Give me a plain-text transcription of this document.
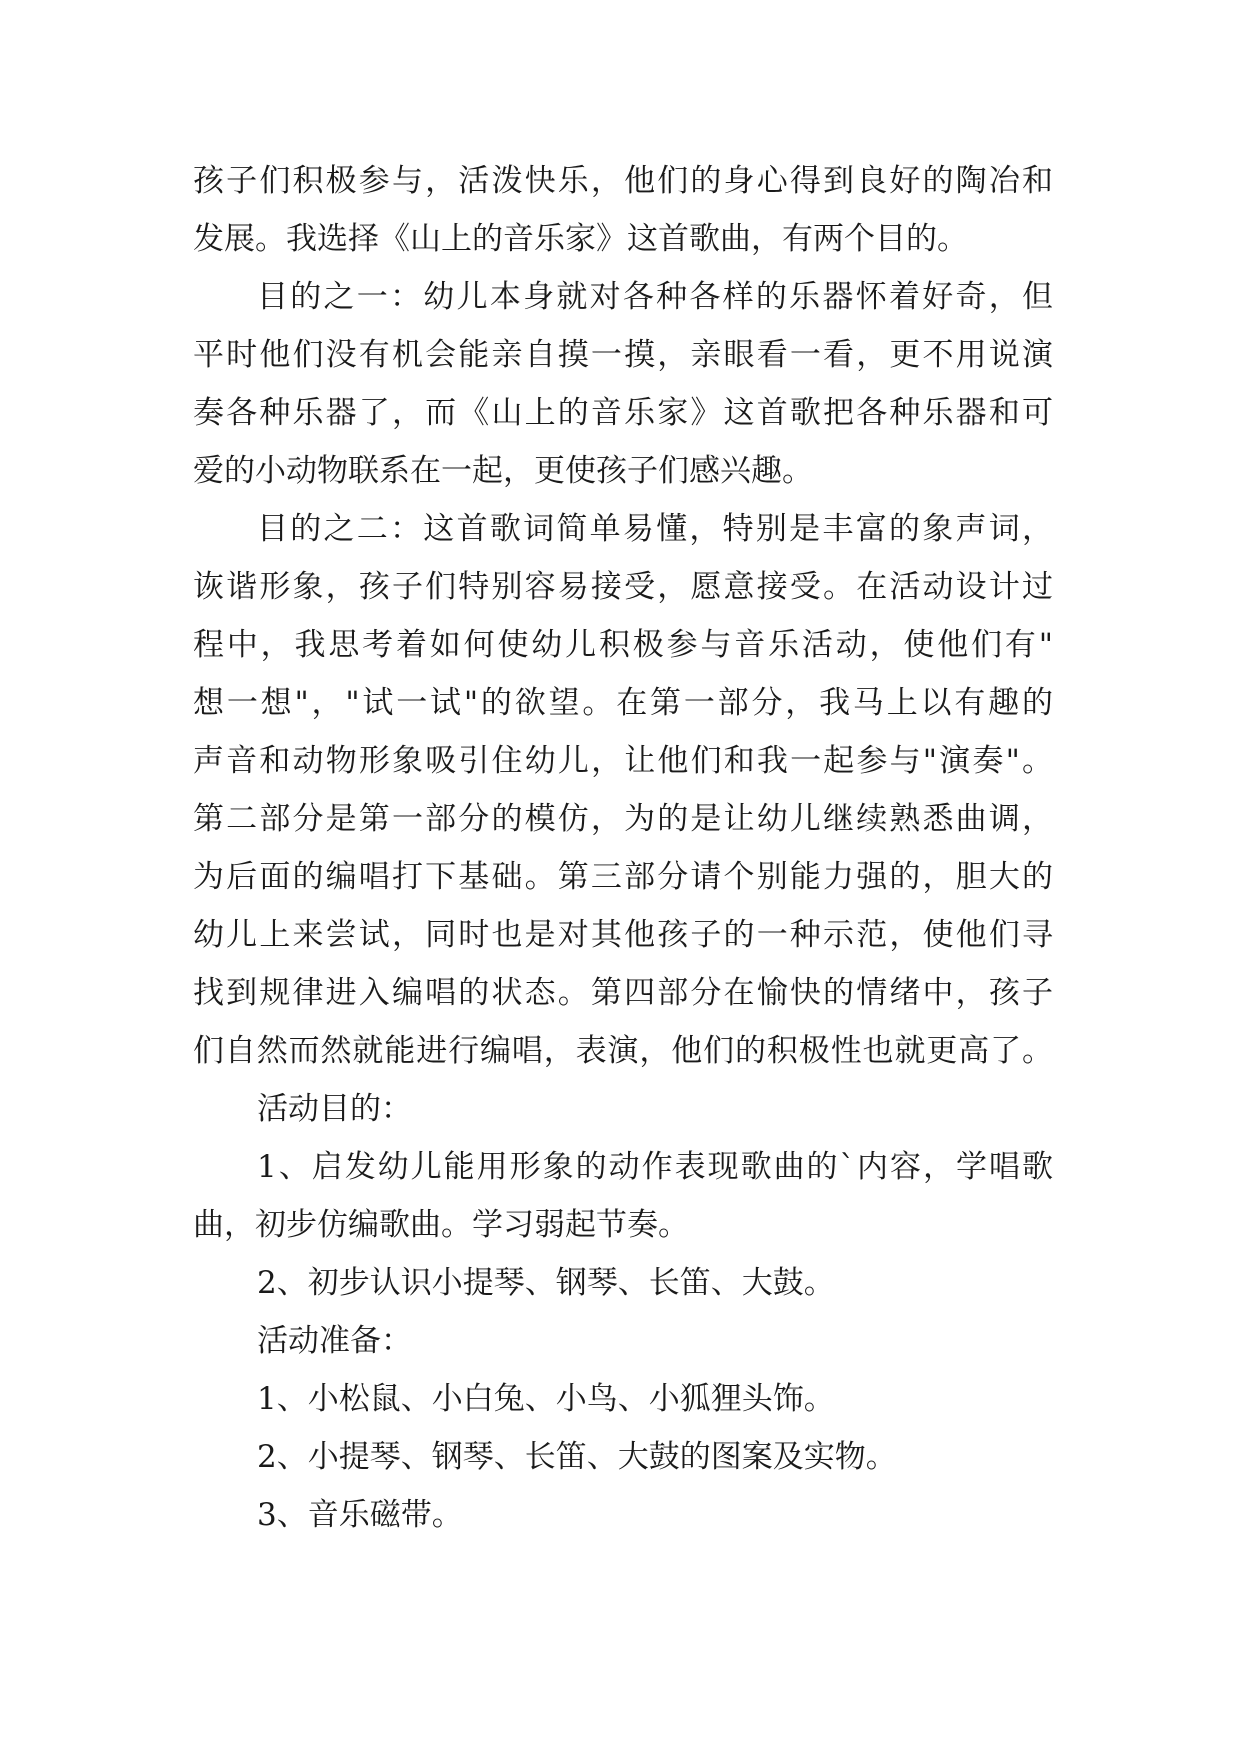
孩子们积极参与，活泼快乐，他们的身心得到良好的陶冶和
发展。我选择《山上的音乐家》这首歌曲，有两个目的。
目的之一：幼儿本身就对各种各样的乐器怀着好奇，但
平时他们没有机会能亲自摸一摸，亲眼看一看，更不用说演
奏各种乐器了，而《山上的音乐家》这首歌把各种乐器和可
爱的小动物联系在一起，更使孩子们感兴趣。
目的之二：这首歌词简单易懂，特别是丰富的象声词，
诙谐形象，孩子们特别容易接受，愿意接受。在活动设计过
程中，我思考着如何使幼儿积极参与音乐活动，使他们有"
想一想"，"试一试"的欲望。在第一部分，我马上以有趣的
声音和动物形象吸引住幼儿，让他们和我一起参与"演奏"。
第二部分是第一部分的模仿，为的是让幼儿继续熟悉曲调，
为后面的编唱打下基础。第三部分请个别能力强的，胆大的
幼儿上来尝试，同时也是对其他孩子的一种示范，使他们寻
找到规律进入编唱的状态。第四部分在愉快的情绪中，孩子
们自然而然就能进行编唱，表演，他们的积极性也就更高了。
活动目的：
1、启发幼儿能用形象的动作表现歌曲的`内容，学唱歌
曲，初步仿编歌曲。学习弱起节奏。
2、初步认识小提琴、钢琴、长笛、大鼓。
活动准备：
1、小松鼠、小白兔、小鸟、小狐狸头饰。
2、小提琴、钢琴、长笛、大鼓的图案及实物。
3、音乐磁带。
